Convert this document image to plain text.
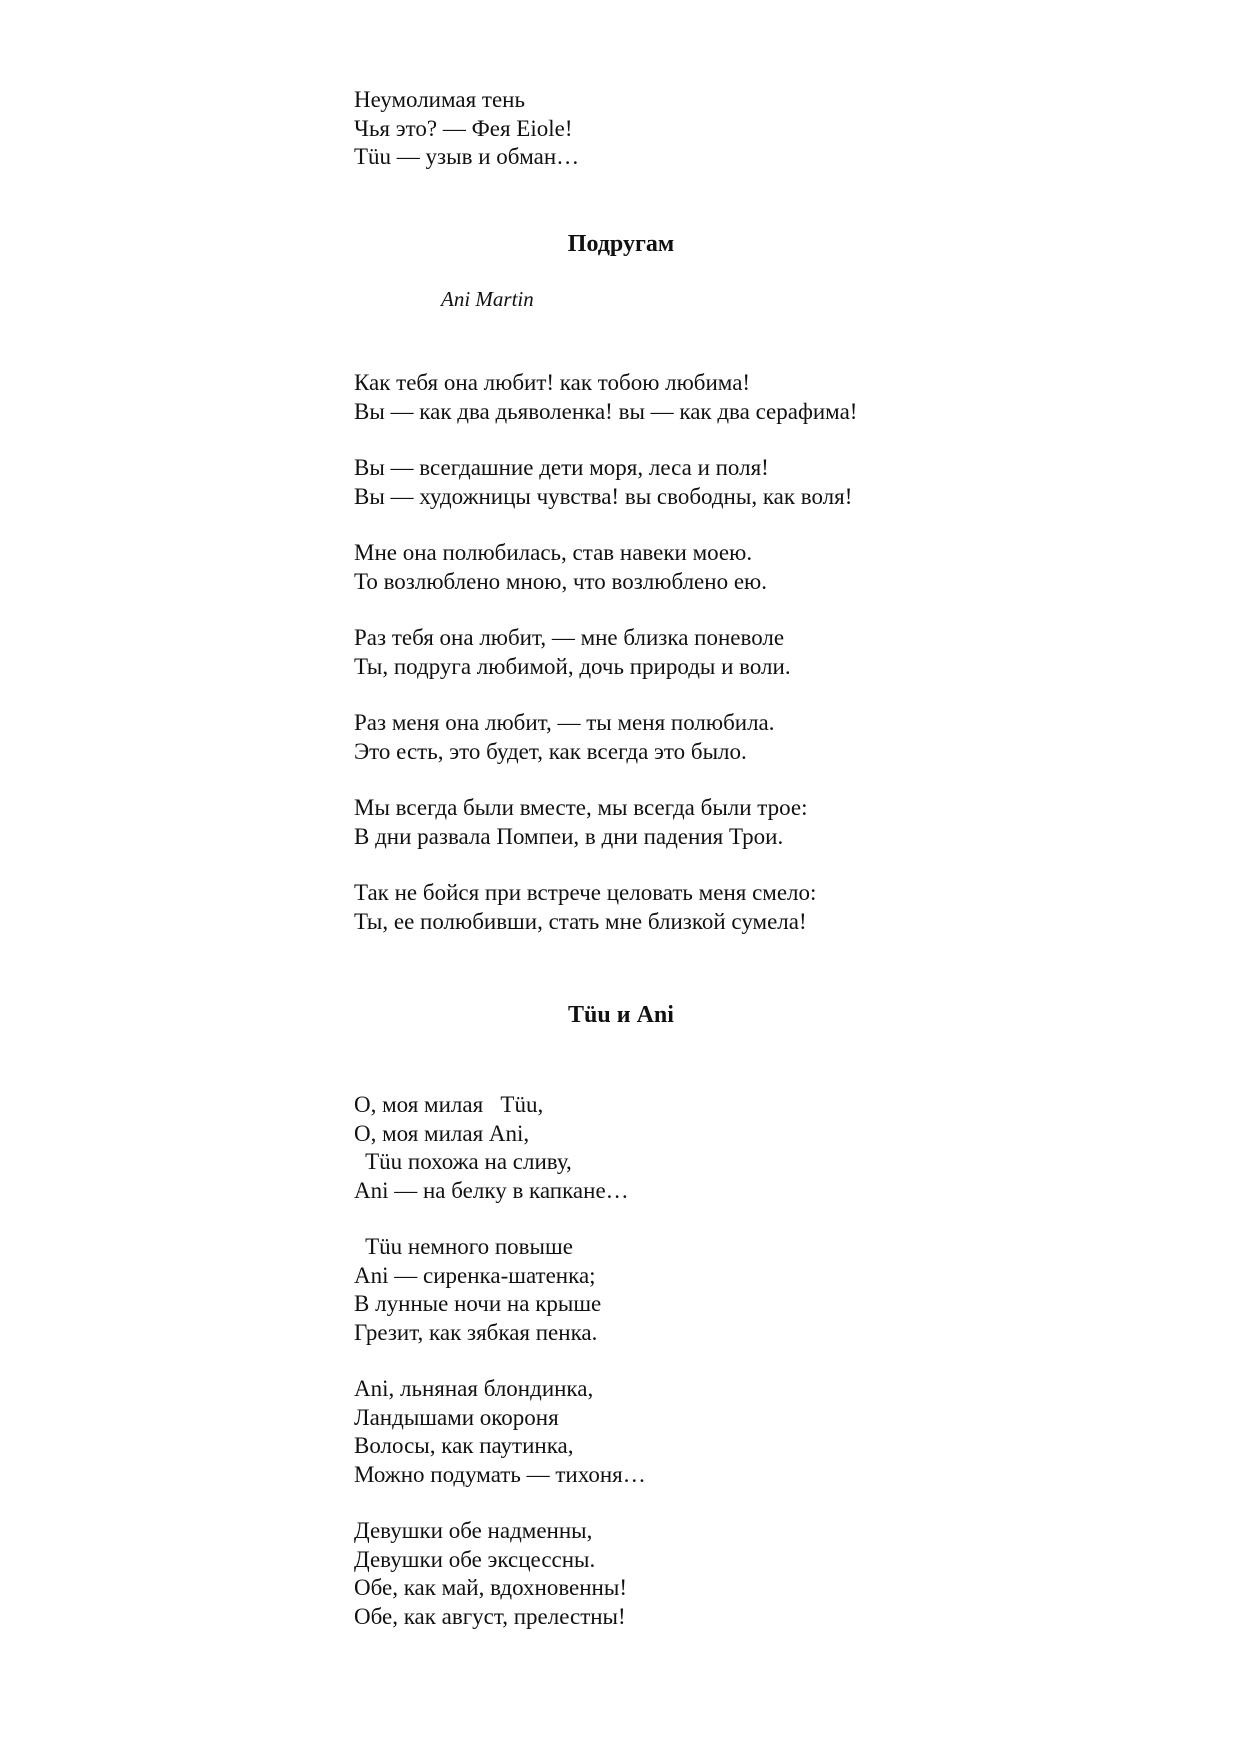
Неумолимая тень
Чья это? — Фея Eiole!
Tüu — узыв и обман…
Подругам
Ani Martin
Как тебя она любит! как тобою любима!
Вы — как два дьяволенка! вы — как два серафима!
Вы — всегдашние дети моря, леса и поля!
Вы — художницы чувства! вы свободны, как воля!
Мне она полюбилась, став навеки моею.
То возлюблено мною, что возлюблено ею.
Раз тебя она любит, — мне близка поневоле
Ты, подруга любимой, дочь природы и воли.
Раз меня она любит, — ты меня полюбила.
Это есть, это будет, как всегда это было.
Мы всегда были вместе, мы всегда были трое:
В дни развала Помпеи, в дни падения Трои.
Так не бойся при встрече целовать меня смело:
Ты, ее полюбивши, стать мне близкой сумела!
Tüu и Ani
О, моя милая   Tüu,
О, моя милая Ani,
Tüu похожа на сливу,
Ani — на белку в капкане…
Tüu немного повыше
Ani — сиренка-шатенка;
В лунные ночи на крыше
Грезит, как зябкая пенка.
Ani, льняная блондинка,
Ландышами окороня
Волосы, как паутинка,
Можно подумать — тихоня…
Девушки обе надменны,
Девушки обе эксцессны.
Обе, как май, вдохновенны!
Обе, как август, прелестны!
